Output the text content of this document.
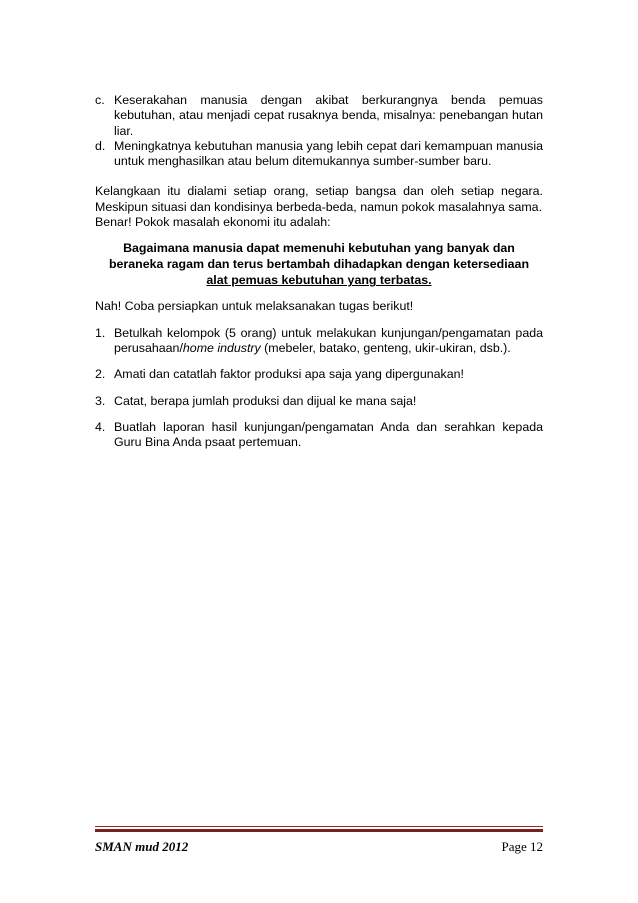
c. Keserakahan manusia dengan akibat berkurangnya benda pemuas kebutuhan, atau menjadi cepat rusaknya benda, misalnya: penebangan hutan liar.
d. Meningkatnya kebutuhan manusia yang lebih cepat dari kemampuan manusia untuk menghasilkan atau belum ditemukannya sumber-sumber baru.
Kelangkaan itu dialami setiap orang, setiap bangsa dan oleh setiap negara. Meskipun situasi dan kondisinya berbeda-beda, namun pokok masalahnya sama.
Benar! Pokok masalah ekonomi itu adalah:
Bagaimana manusia dapat memenuhi kebutuhan yang banyak dan
beraneka ragam dan terus bertambah dihadapkan dengan ketersediaan
alat pemuas kebutuhan yang terbatas.
Nah! Coba persiapkan untuk melaksanakan tugas berikut!
1. Betulkah kelompok (5 orang) untuk melakukan kunjungan/pengamatan pada perusahaan/home industry (mebeler, batako, genteng, ukir-ukiran, dsb.).
2. Amati dan catatlah faktor produksi apa saja yang dipergunakan!
3. Catat, berapa jumlah produksi dan dijual ke mana saja!
4. Buatlah laporan hasil kunjungan/pengamatan Anda dan serahkan kepada Guru Bina Anda psaat pertemuan.
SMAN mud 2012	Page 12
